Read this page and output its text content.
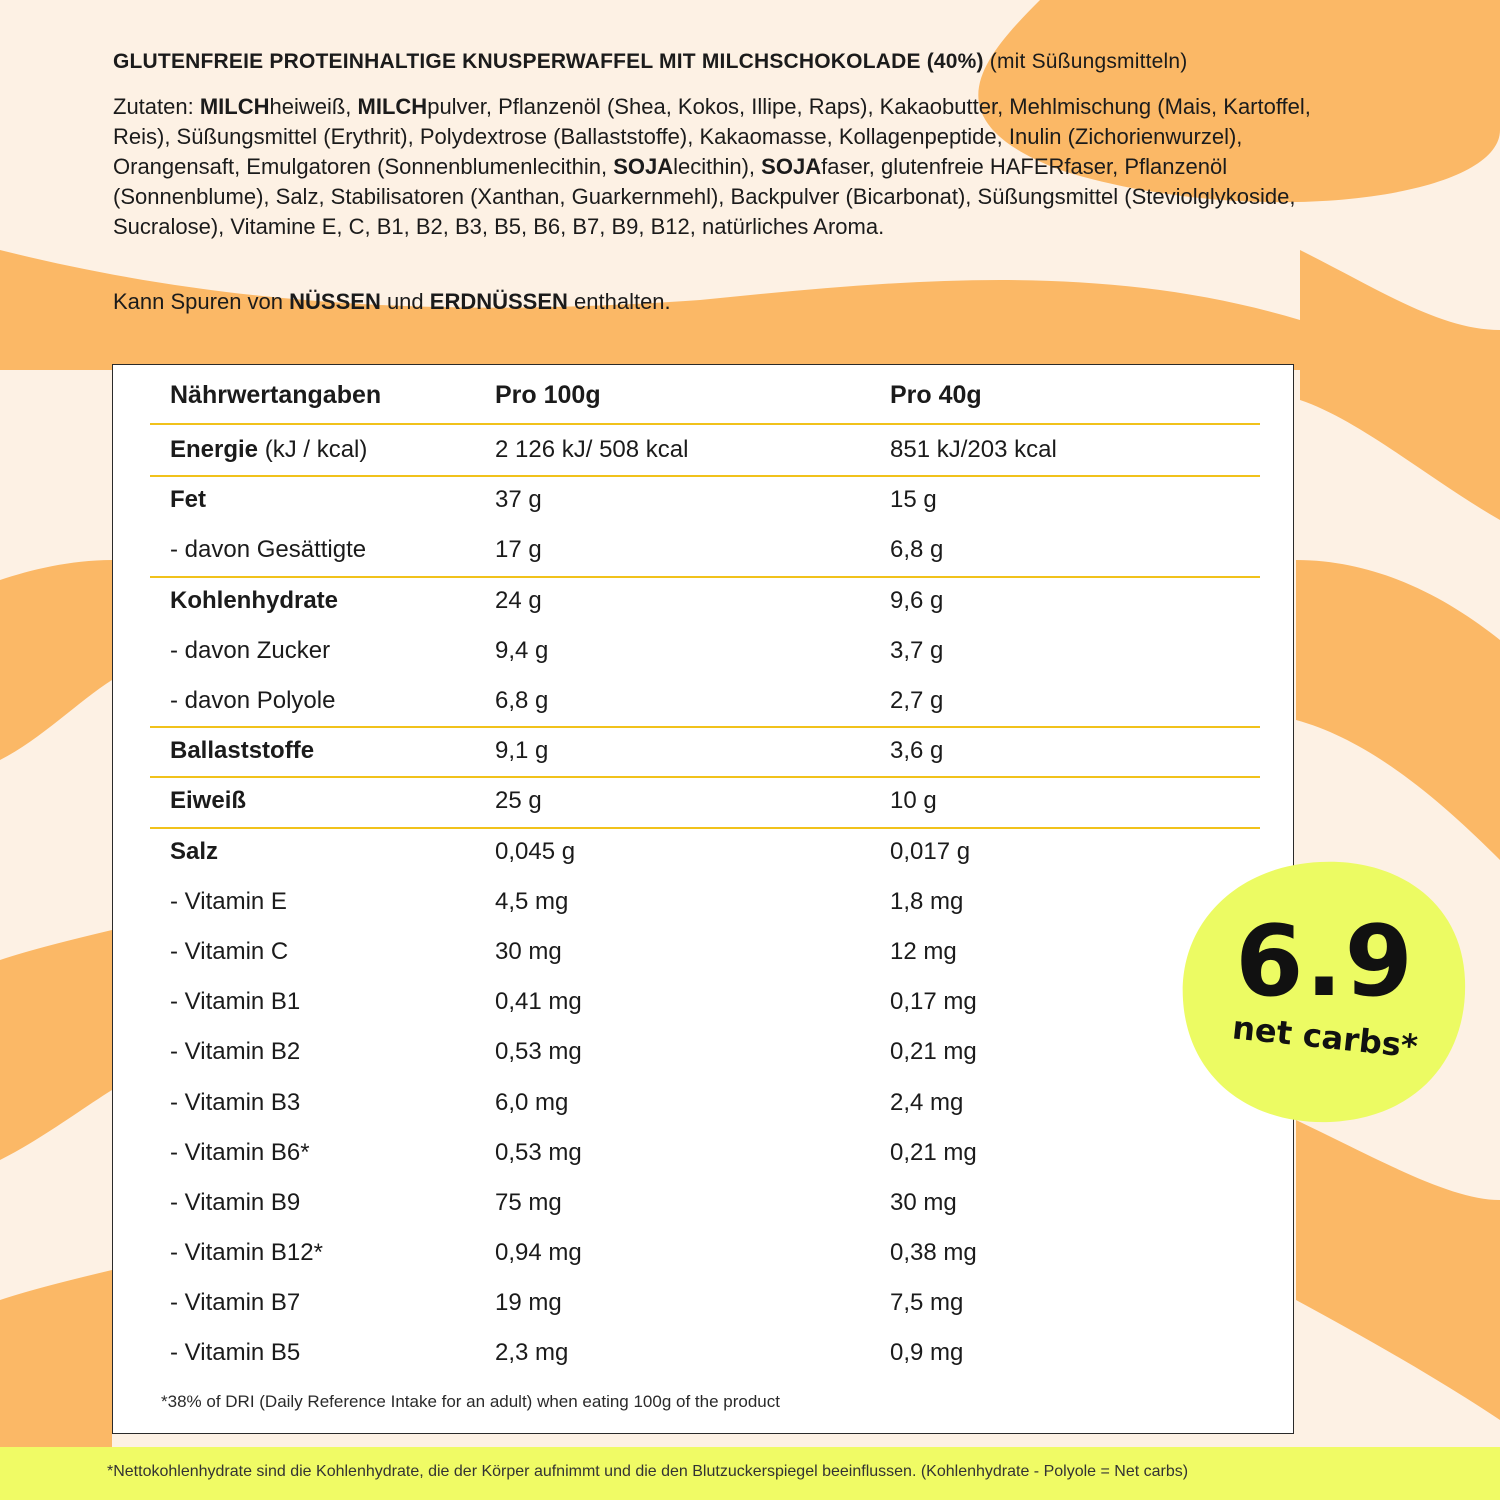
GLUTENFREIE PROTEINHALTIGE KNUSPERWAFFEL MIT MILCHSCHOKOLADE (40%) (mit Süßungsmitteln)
Zutaten: MILCHheiweiß, MILCHpulver, Pflanzenöl (Shea, Kokos, Illipe, Raps), Kakaobutter, Mehlmischung (Mais, Kartoffel, Reis), Süßungsmittel (Erythrit), Polydextrose (Ballaststoffe), Kakaomasse, Kollagenpeptide, Inulin (Zichorienwurzel), Orangensaft, Emulgatoren (Sonnenblumenlecithin, SOJAlecithin), SOJAfaser, glutenfreie HAFERfaser, Pflanzenöl (Sonnenblume), Salz, Stabilisatoren (Xanthan, Guarkernmehl), Backpulver (Bicarbonat), Süßungsmittel (Steviolglykoside, Sucralose), Vitamine E, C, B1, B2, B3, B5, B6, B7, B9, B12, natürliches Aroma.
Kann Spuren von NÜSSEN und ERDNÜSSEN enthalten.
Nährwertangaben	Pro 100g	Pro 40g
Energie (kJ / kcal)	2 126 kJ/ 508 kcal	851 kJ/203 kcal
Fet	37 g	15 g
- davon Gesättigte	17 g	6,8 g
Kohlenhydrate	24 g	9,6 g
- davon Zucker	9,4 g	3,7 g
- davon Polyole	6,8 g	2,7 g
Ballaststoffe	9,1 g	3,6 g
Eiweiß	25 g	10 g
Salz	0,045 g	0,017 g
- Vitamin E	4,5 mg	1,8 mg
- Vitamin C	30 mg	12 mg
- Vitamin B1	0,41 mg	0,17 mg
- Vitamin B2	0,53 mg	0,21 mg
- Vitamin B3	6,0 mg	2,4 mg
- Vitamin B6*	0,53 mg	0,21 mg
- Vitamin B9	75 mg	30 mg
- Vitamin B12*	0,94 mg	0,38 mg
- Vitamin B7	19 mg	7,5 mg
- Vitamin B5	2,3 mg	0,9 mg
*38% of DRI (Daily Reference Intake for an adult) when eating 100g of the product
6.9
net carbs*
*Nettokohlenhydrate sind die Kohlenhydrate, die der Körper aufnimmt und die den Blutzuckerspiegel beeinflussen. (Kohlenhydrate - Polyole = Net carbs)
